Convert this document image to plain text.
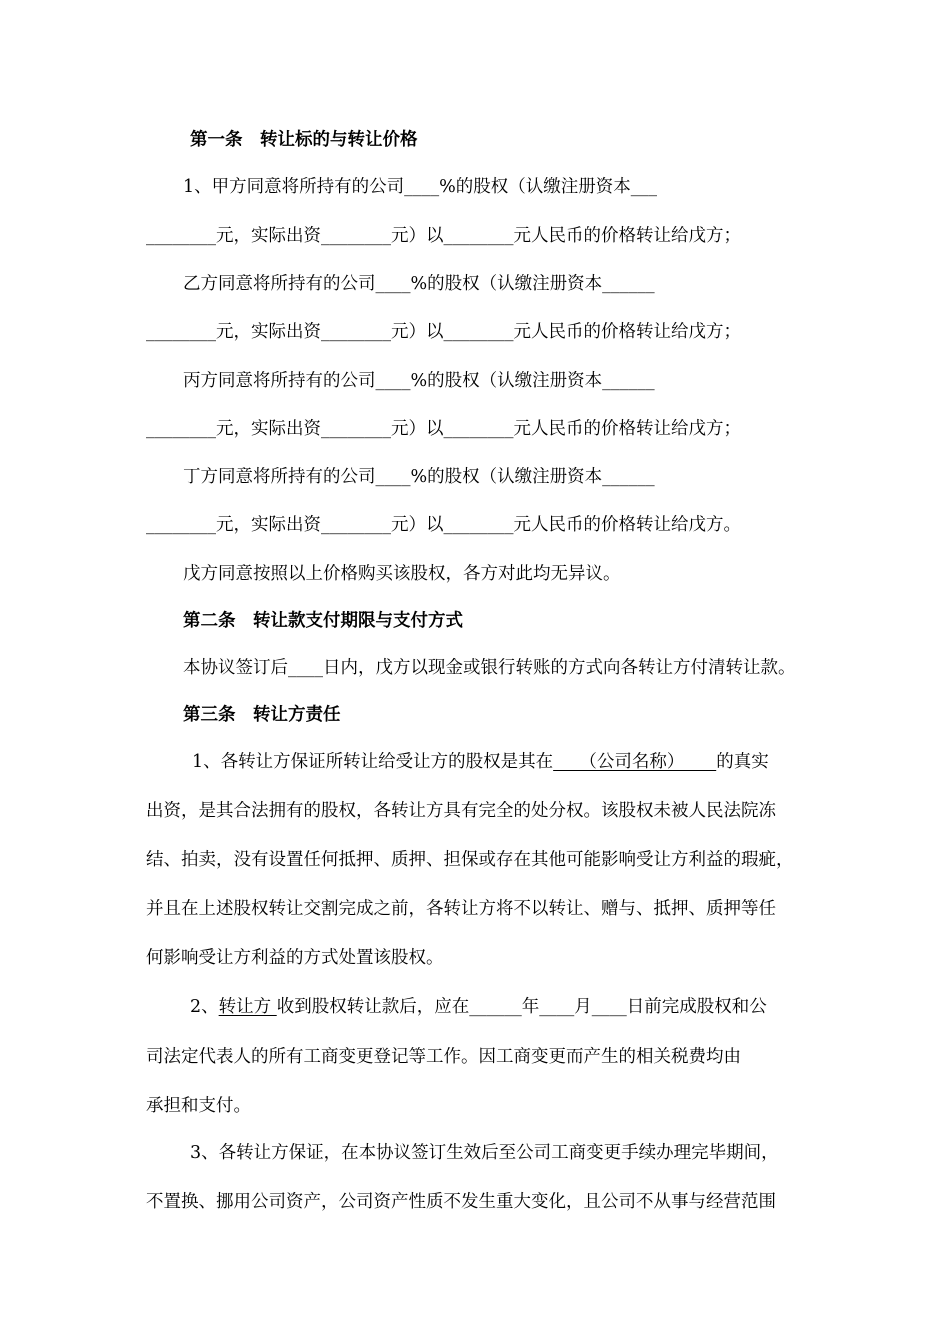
第一条　转让标的与转让价格
1、甲方同意将所持有的公司____%的股权（认缴注册资本___
________元，实际出资________元）以________元人民币的价格转让给戊方；
乙方同意将所持有的公司____%的股权（认缴注册资本______
________元，实际出资________元）以________元人民币的价格转让给戊方；
丙方同意将所持有的公司____%的股权（认缴注册资本______
________元，实际出资________元）以________元人民币的价格转让给戊方；
丁方同意将所持有的公司____%的股权（认缴注册资本______
________元，实际出资________元）以________元人民币的价格转让给戊方。
戊方同意按照以上价格购买该股权，各方对此均无异议。
第二条　转让款支付期限与支付方式
本协议签订后____日内，戊方以现金或银行转账的方式向各转让方付清转让款。
第三条　转让方责任
1、各转让方保证所转让给受让方的股权是其在　　（公司名称）　　 的真实
出资，是其合法拥有的股权，各转让方具有完全的处分权。该股权未被人民法院冻
结、拍卖，没有设置任何抵押、质押、担保或存在其他可能影响受让方利益的瑕疵，
并且在上述股权转让交割完成之前，各转让方将不以转让、赠与、抵押、质押等任
何影响受让方利益的方式处置该股权。
2、转让方 收到股权转让款后，应在______年____月____日前完成股权和公
司法定代表人的所有工商变更登记等工作。因工商变更而产生的相关税费均由
承担和支付。
3、各转让方保证，在本协议签订生效后至公司工商变更手续办理完毕期间，
不置换、挪用公司资产，公司资产性质不发生重大变化，且公司不从事与经营范围
